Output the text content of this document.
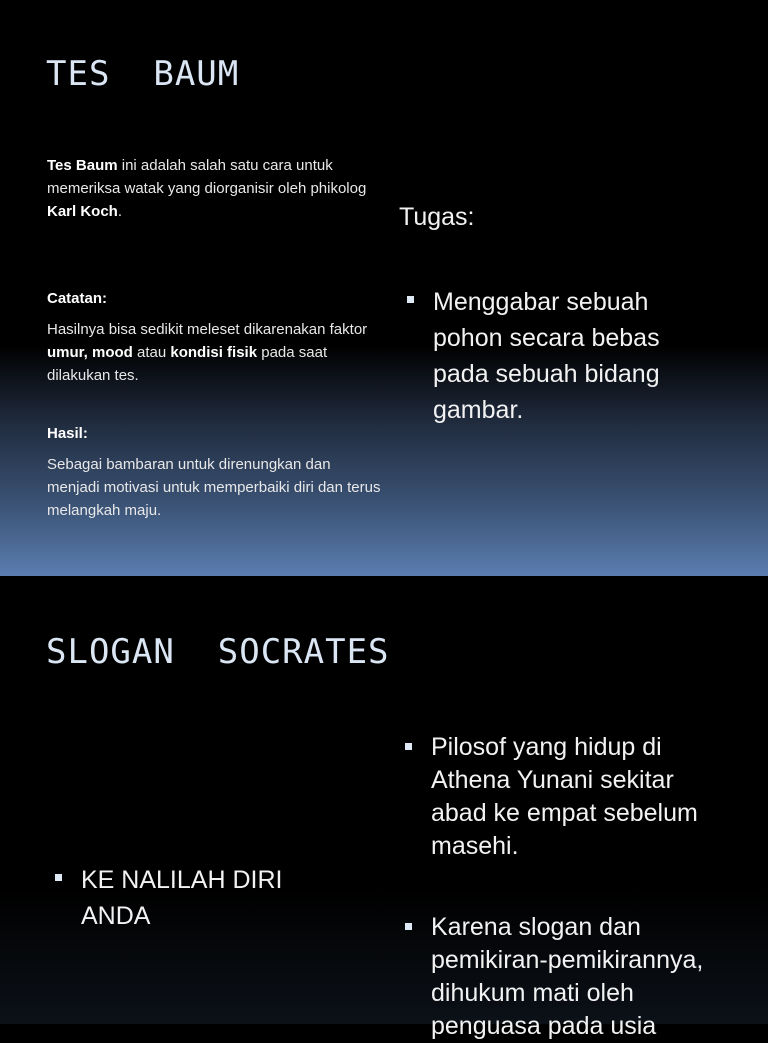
TES  BAUM
Tes Baum ini adalah salah satu cara untuk memeriksa watak yang diorganisir oleh phikolog Karl Koch.
Catatan:
Hasilnya bisa sedikit meleset dikarenakan faktor umur, mood atau kondisi fisik pada saat dilakukan tes.
Hasil:
Sebagai bambaran untuk direnungkan dan menjadi motivasi untuk memperbaiki diri dan terus melangkah maju.
Tugas:
Menggabar sebuah pohon secara bebas pada sebuah bidang gambar.
SLOGAN  SOCRATES
KE NALILAH DIRI ANDA
Pilosof yang hidup di Athena Yunani sekitar abad ke empat sebelum masehi.
Karena slogan dan pemikiran-pemikirannya, dihukum mati oleh penguasa pada usia
